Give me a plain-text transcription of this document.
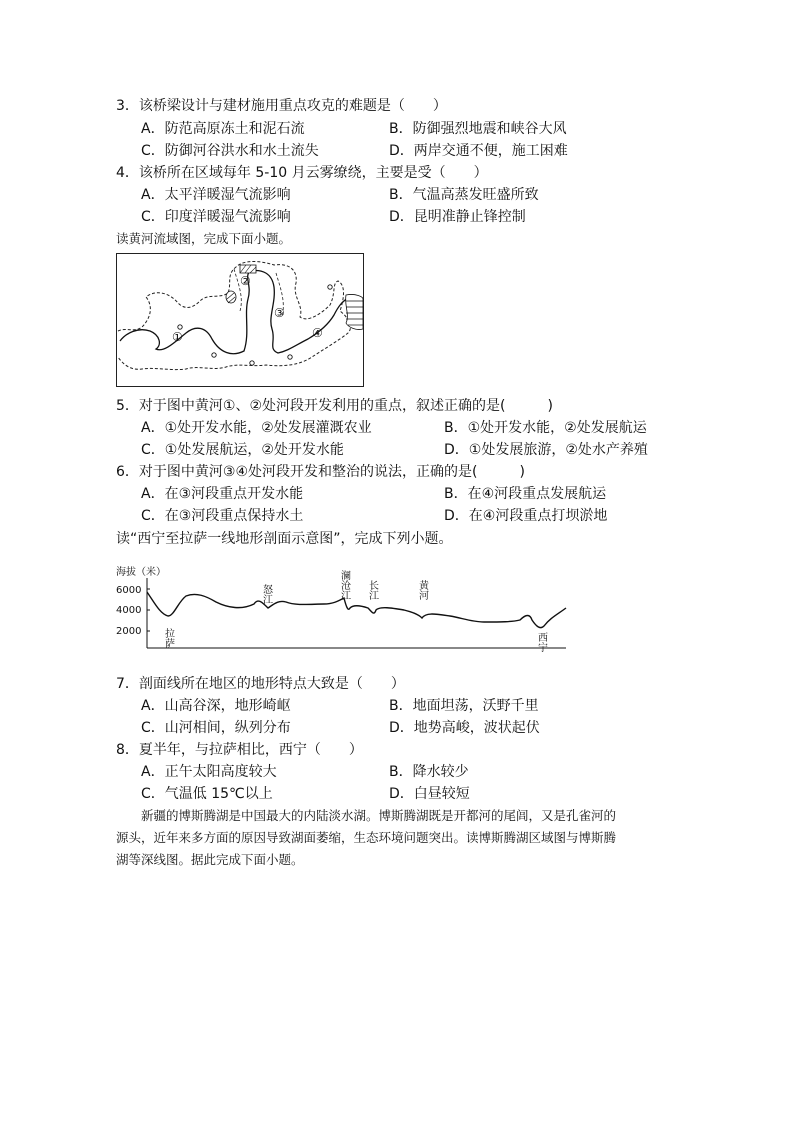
3．该桥梁设计与建材施用重点攻克的难题是（　　）
A．防范高原冻土和泥石流	B．防御强烈地震和峡谷大风
C．防御河谷洪水和水土流失	D．两岸交通不便，施工困难
4．该桥所在区域每年 5-10 月云雾缭绕，主要是受（　　）
A．太平洋暖湿气流影响	B．气温高蒸发旺盛所致
C．印度洋暖湿气流影响	D．昆明准静止锋控制
读黄河流域图，完成下面小题。
①
②
③
④
5．对于图中黄河①、②处河段开发利用的重点，叙述正确的是(　　　)
A．①处开发水能，②处发展灌溉农业	B．①处开发水能，②处发展航运
C．①处发展航运，②处开发水能	D．①处发展旅游，②处水产养殖
6．对于图中黄河③④处河段开发和整治的说法，正确的是(　　　)
A．在③河段重点开发水能	B．在④河段重点发展航运
C．在③河段重点保持水土	D．在④河段重点打坝淤地
读“西宁至拉萨一线地形剖面示意图”，完成下列小题。
海拔（米）
6000
4000
2000
怒江	澜沧江 长江	黄河
拉萨	西宁
7．剖面线所在地区的地形特点大致是（　　）
A．山高谷深，地形崎岖	B．地面坦荡，沃野千里
C．山河相间，纵列分布	D．地势高峻，波状起伏
8．夏半年，与拉萨相比，西宁（　　）
A．正午太阳高度较大	B．降水较少
C．气温低 15℃以上	D．白昼较短
新疆的博斯腾湖是中国最大的内陆淡水湖。博斯腾湖既是开都河的尾闾，又是孔雀河的
源头，近年来多方面的原因导致湖面萎缩，生态环境问题突出。读博斯腾湖区域图与博斯腾
湖等深线图。据此完成下面小题。
